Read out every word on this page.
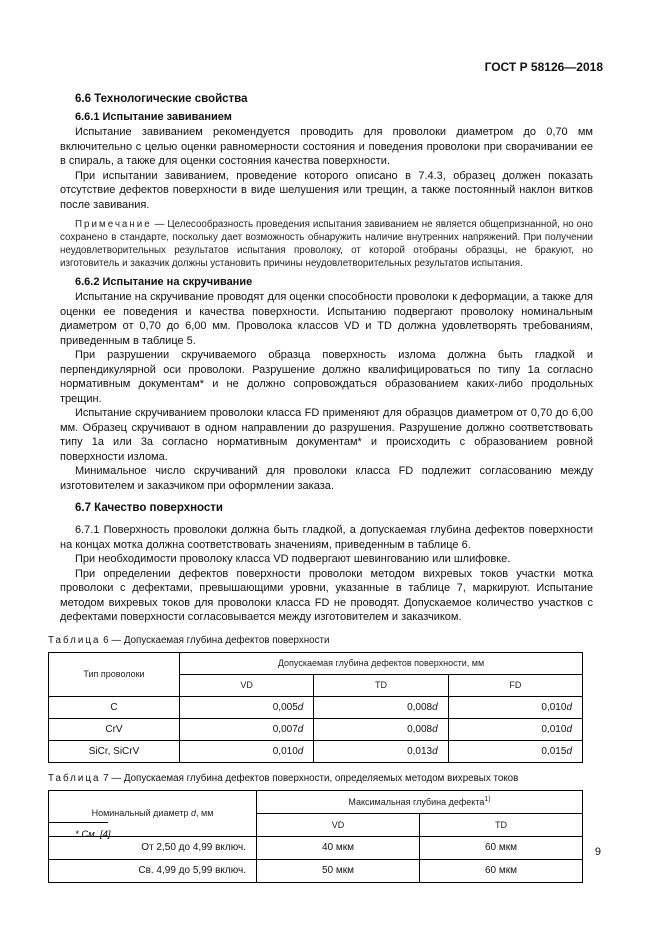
ГОСТ Р 58126—2018
6.6 Технологические свойства
6.6.1 Испытание завиванием

Испытание завиванием рекомендуется проводить для проволоки диаметром до 0,70 мм включительно с целью оценки равномерности состояния и поведения проволоки при сворачивании ее в спираль, а также для оценки состояния качества поверхности.

При испытании завиванием, проведение которого описано в 7.4.3, образец должен показать отсутствие дефектов поверхности в виде шелушения или трещин, а также постоянный наклон витков после завивания.

Примечание — Целесообразность проведения испытания завиванием не является общепризнанной, но оно сохранено в стандарте, поскольку дает возможность обнаружить наличие внутренних напряжений. При получении неудовлетворительных результатов испытания проволоку, от которой отобраны образцы, не бракуют, но изготовитель и заказчик должны установить причины неудовлетворительных результатов испытания.

6.6.2 Испытание на скручивание

Испытание на скручивание проводят для оценки способности проволоки к деформации, а также для оценки ее поведения и качества поверхности. Испытанию подвергают проволоку номинальным диаметром от 0,70 до 6,00 мм. Проволока классов VD и TD должна удовлетворять требованиям, приведенным в таблице 5.

При разрушении скручиваемого образца поверхность излома должна быть гладкой и перпендикулярной оси проволоки. Разрушение должно квалифицироваться по типу 1а согласно нормативным документам* и не должно сопровождаться образованием каких-либо продольных трещин.

Испытание скручиванием проволоки класса FD применяют для образцов диаметром от 0,70 до 6,00 мм. Образец скручивают в одном направлении до разрушения. Разрушение должно соответствовать типу 1а или 3а согласно нормативным документам* и происходить с образованием ровной поверхности излома.

Минимальное число скручиваний для проволоки класса FD подлежит согласованию между изготовителем и заказчиком при оформлении заказа.

6.7 Качество поверхности

6.7.1 Поверхность проволоки должна быть гладкой, а допускаемая глубина дефектов поверхности на концах мотка должна соответствовать значениям, приведенным в таблице 6.

При необходимости проволоку класса VD подвергают шевингованию или шлифовке.

При определении дефектов поверхности проволоки методом вихревых токов участки мотка проволоки с дефектами, превышающими уровни, указанные в таблице 7, маркируют. Испытание методом вихревых токов для проволоки класса FD не проводят. Допускаемое количество участков с дефектами поверхности согласовывается между изготовителем и заказчиком.

Таблица 6 — Допускаемая глубина дефектов поверхности
Тип проволоки	Допускаемая глубина дефектов поверхности, мм		
	VD	TD	FD
C	0,005d	0,008d	0,010d
CrV	0,007d	0,008d	0,010d
SiCr, SiCrV	0,010d	0,013d	0,015d
Таблица 7 — Допускаемая глубина дефектов поверхности, определяемых методом вихревых токов
Номинальный диаметр d, мм	Максимальная глубина дефекта$^{1)}$
	VD	TD
От 2,50 до 4,99 включ.	40 мкм	60 мкм
Св. 4,99 до 5,99 включ.	50 мкм	60 мкм
* См. [4].
9
